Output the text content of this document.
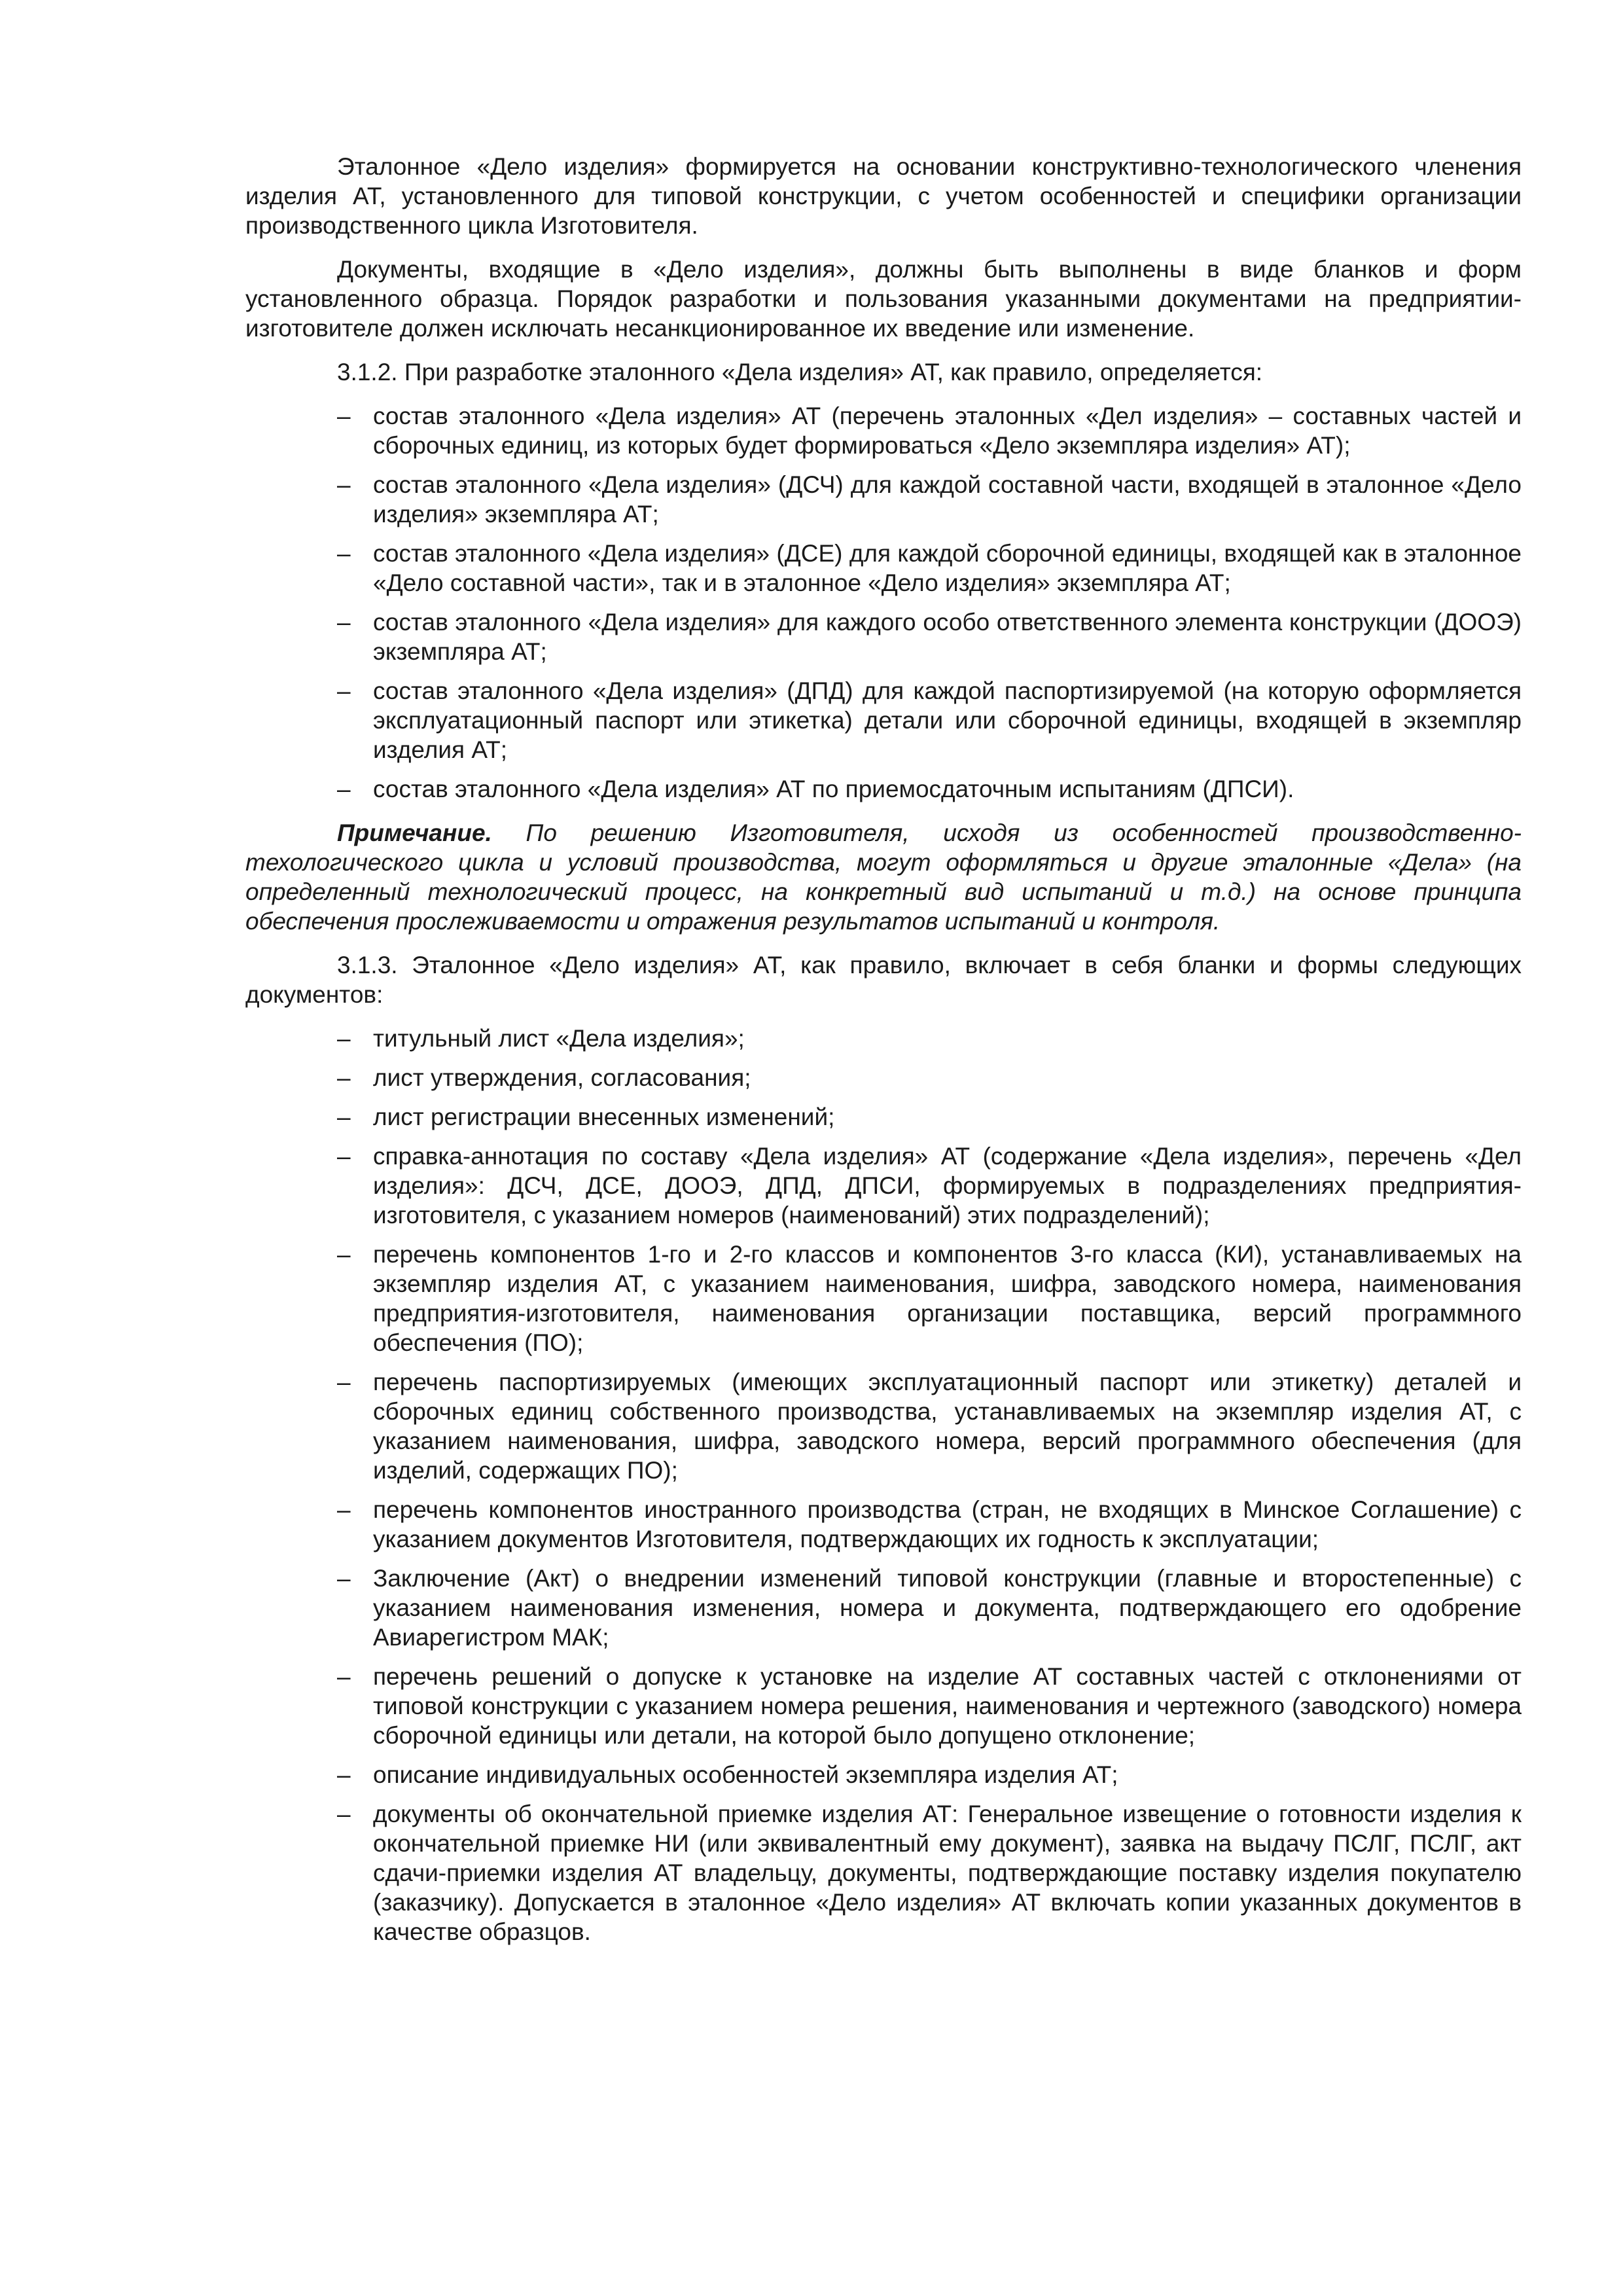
Эталонное «Дело изделия» формируется на основании конструктивно-технологического членения изделия АТ, установленного для типовой конструкции, с учетом особенностей и специфики организации производственного цикла Изготовителя.

Документы, входящие в «Дело изделия», должны быть выполнены в виде бланков и форм установленного образца. Порядок разработки и пользования указанными документами на предприятии-изготовителе должен исключать несанкционированное их введение или изменение.

3.1.2. При разработке эталонного «Дела изделия» АТ, как правило, определяется:

– состав эталонного «Дела изделия» АТ (перечень эталонных «Дел изделия» – составных частей и сборочных единиц, из которых будет формироваться «Дело экземпляра изделия» АТ);
– состав эталонного «Дела изделия» (ДСЧ) для каждой составной части, входящей в эталонное «Дело изделия» экземпляра АТ;
– состав эталонного «Дела изделия» (ДСЕ) для каждой сборочной единицы, входящей как в эталонное «Дело составной части», так и в эталонное «Дело изделия» экземпляра АТ;
– состав эталонного «Дела изделия» для каждого особо ответственного элемента конструкции (ДООЭ) экземпляра АТ;
– состав эталонного «Дела изделия» (ДПД) для каждой паспортизируемой (на которую оформляется эксплуатационный паспорт или этикетка) детали или сборочной единицы, входящей в экземпляр изделия АТ;
– состав эталонного «Дела изделия» АТ по приемосдаточным испытаниям (ДПСИ).

Примечание. По решению Изготовителя, исходя из особенностей производственно-техологического цикла и условий производства, могут оформляться и другие эталонные «Дела» (на определенный технологический процесс, на конкретный вид испытаний и т.д.) на основе принципа обеспечения прослеживаемости и отражения результатов испытаний и контроля.

3.1.3. Эталонное «Дело изделия» АТ, как правило, включает в себя бланки и формы следующих документов:

– титульный лист «Дела изделия»;
– лист утверждения, согласования;
– лист регистрации внесенных изменений;
– справка-аннотация по составу «Дела изделия» АТ (содержание «Дела изделия», перечень «Дел изделия»: ДСЧ, ДСЕ, ДООЭ, ДПД, ДПСИ, формируемых в подразделениях предприятия-изготовителя, с указанием номеров (наименований) этих подразделений);
– перечень компонентов 1-го и 2-го классов и компонентов 3-го класса (КИ), устанавливаемых на экземпляр изделия АТ, с указанием наименования, шифра, заводского номера, наименования предприятия-изготовителя, наименования организации поставщика, версий программного обеспечения (ПО);
– перечень паспортизируемых (имеющих эксплуатационный паспорт или этикетку) деталей и сборочных единиц собственного производства, устанавливаемых на экземпляр изделия АТ, с указанием наименования, шифра, заводского номера, версий программного обеспечения (для изделий, содержащих ПО);
– перечень компонентов иностранного производства (стран, не входящих в Минское Соглашение) с указанием документов Изготовителя, подтверждающих их годность к эксплуатации;
– Заключение (Акт) о внедрении изменений типовой конструкции (главные и второстепенные) с указанием наименования изменения, номера и документа, подтверждающего его одобрение Авиарегистром МАК;
– перечень решений о допуске к установке на изделие АТ составных частей с отклонениями от типовой конструкции с указанием номера решения, наименования и чертежного (заводского) номера сборочной единицы или детали, на которой было допущено отклонение;
– описание индивидуальных особенностей экземпляра изделия АТ;
– документы об окончательной приемке изделия АТ: Генеральное извещение о готовности изделия к окончательной приемке НИ (или эквивалентный ему документ), заявка на выдачу ПСЛГ, ПСЛГ, акт сдачи-приемки изделия АТ владельцу, документы, подтверждающие поставку изделия покупателю (заказчику). Допускается в эталонное «Дело изделия» АТ включать копии указанных документов в качестве образцов.
